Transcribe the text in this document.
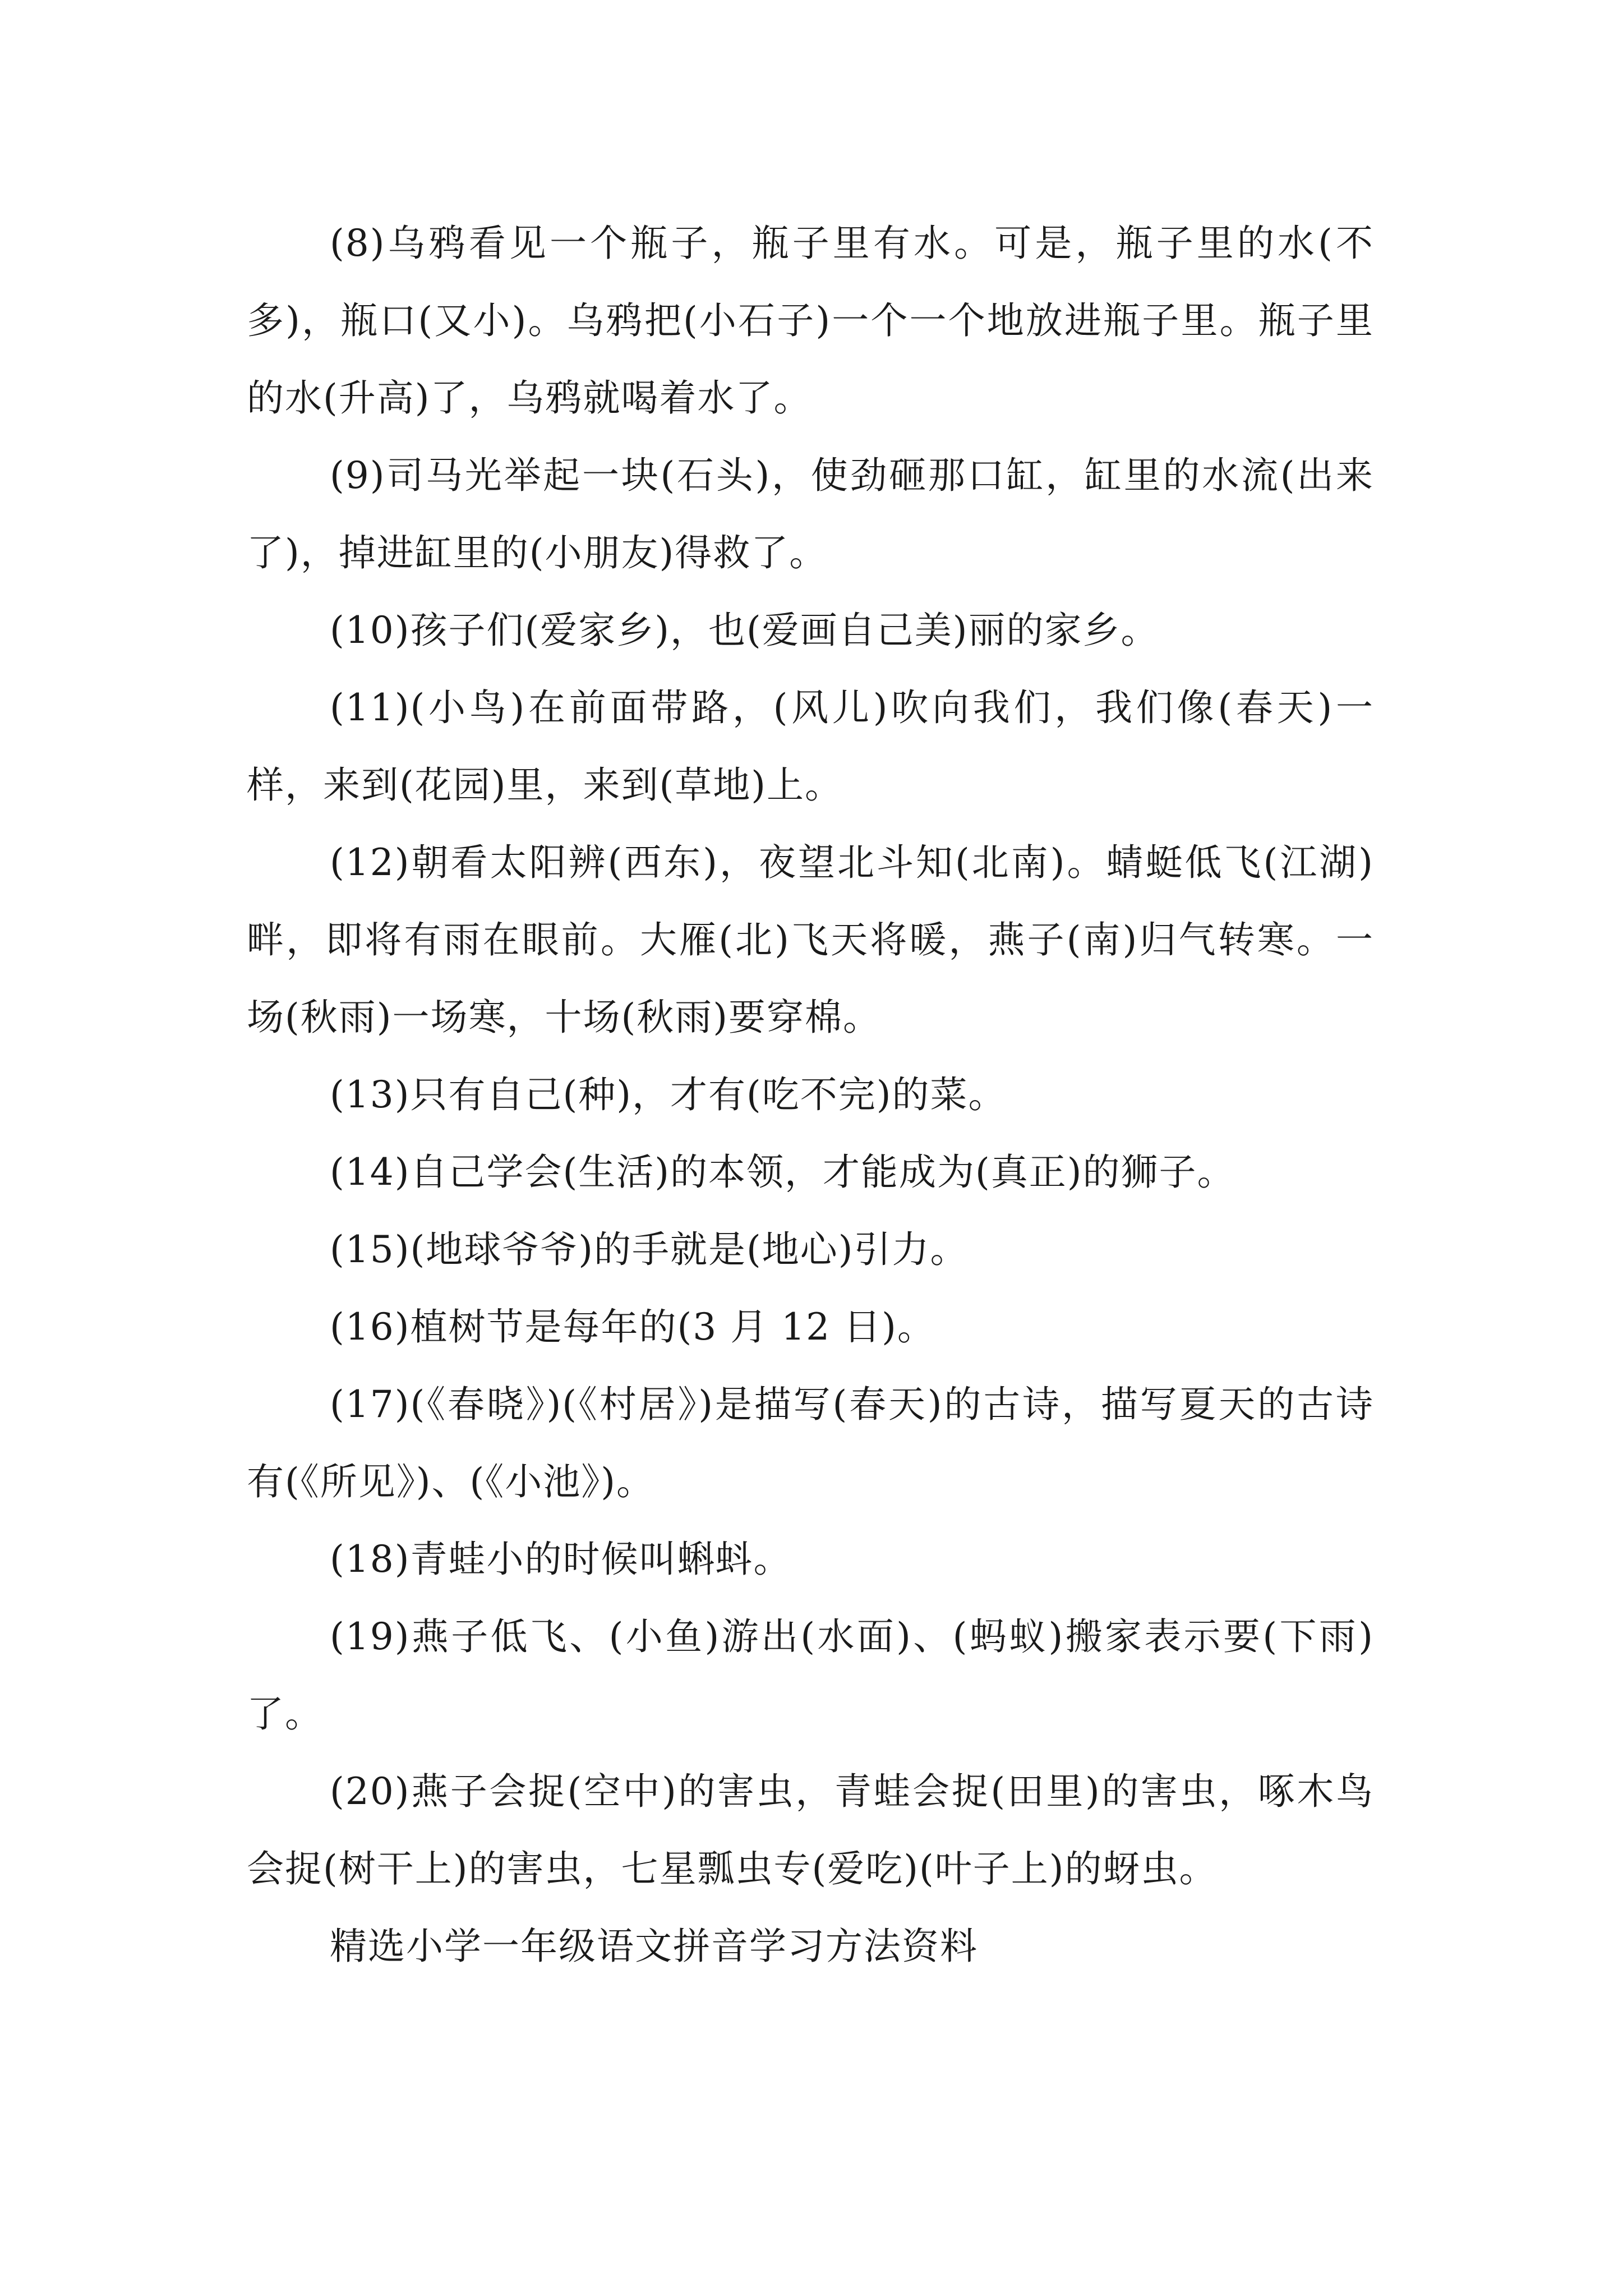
(8)乌鸦看见一个瓶子，瓶子里有水。可是，瓶子里的水(不多)，瓶口(又小)。乌鸦把(小石子)一个一个地放进瓶子里。瓶子里的水(升高)了，乌鸦就喝着水了。

(9)司马光举起一块(石头)，使劲砸那口缸，缸里的水流(出来了)，掉进缸里的(小朋友)得救了。

(10)孩子们(爱家乡)，也(爱画自己美)丽的家乡。

(11)(小鸟)在前面带路，(风儿)吹向我们，我们像(春天)一样，来到(花园)里，来到(草地)上。

(12)朝看太阳辨(西东)，夜望北斗知(北南)。蜻蜓低飞(江湖)畔，即将有雨在眼前。大雁(北)飞天将暖，燕子(南)归气转寒。一场(秋雨)一场寒，十场(秋雨)要穿棉。

(13)只有自己(种)，才有(吃不完)的菜。

(14)自己学会(生活)的本领，才能成为(真正)的狮子。

(15)(地球爷爷)的手就是(地心)引力。

(16)植树节是每年的(3 月 12 日)。

(17)(《春晓》)(《村居》)是描写(春天)的古诗，描写夏天的古诗有(《所见》)、(《小池》)。

(18)青蛙小的时候叫蝌蚪。

(19)燕子低飞、(小鱼)游出(水面)、(蚂蚁)搬家表示要(下雨)了。

(20)燕子会捉(空中)的害虫，青蛙会捉(田里)的害虫，啄木鸟会捉(树干上)的害虫，七星瓢虫专(爱吃)(叶子上)的蚜虫。

精选小学一年级语文拼音学习方法资料
